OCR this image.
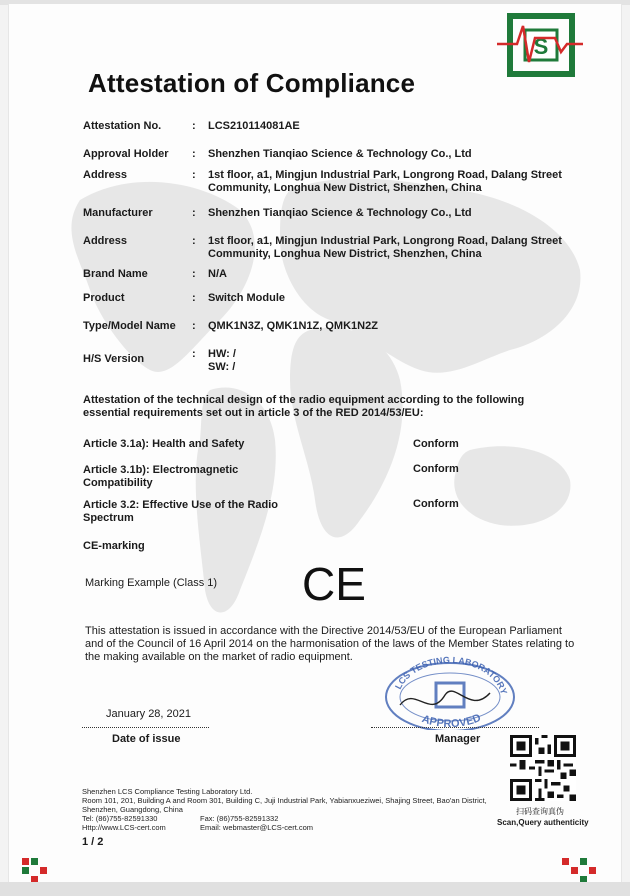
S
Attestation of Compliance
Attestation No.	: LCS210114081AE
Approval Holder	: Shenzhen Tianqiao Science & Technology Co., Ltd
Address	: 1st floor, a1, Mingjun Industrial Park, Longrong Road, Dalang Street Community, Longhua New District, Shenzhen, China
Manufacturer	: Shenzhen Tianqiao Science & Technology Co., Ltd
Address	: 1st floor, a1, Mingjun Industrial Park, Longrong Road, Dalang Street Community, Longhua New District, Shenzhen, China
Brand Name	: N/A
Product	: Switch Module
Type/Model Name	: QMK1N3Z, QMK1N1Z, QMK1N2Z
H/S Version	: HW: /
SW: /
Attestation of the technical design of the radio equipment according to the following essential requirements set out in article 3 of the RED 2014/53/EU:
Article 3.1a): Health and Safety	Conform
Article 3.1b): Electromagnetic Compatibility
Conform
Article 3.2: Effective Use of the Radio Spectrum
Conform
CE-marking
Marking Example (Class 1) CE
This attestation is issued in accordance with the Directive 2014/53/EU of the European Parliament and of the Council of 16 April 2014 on the harmonisation of the laws of the Member States relating to the making available on the market of radio equipment.
LCS TESTING LABORATORY
APPROVED
January 28, 2021
Date of issue	Manager
扫码查询真伪
Scan,Query authenticity
Shenzhen LCS Compliance Testing Laboratory Ltd.
Room 101, 201, Building A and Room 301, Building C, Juji Industrial Park, Yabianxueziwei, Shajing Street, Bao'an District,
Shenzhen, Guangdong, China
Tel: (86)755-82591330	Fax: (86)755-82591332
Http://www.LCS-cert.com	Email: webmaster@LCS-cert.com
1 / 2
